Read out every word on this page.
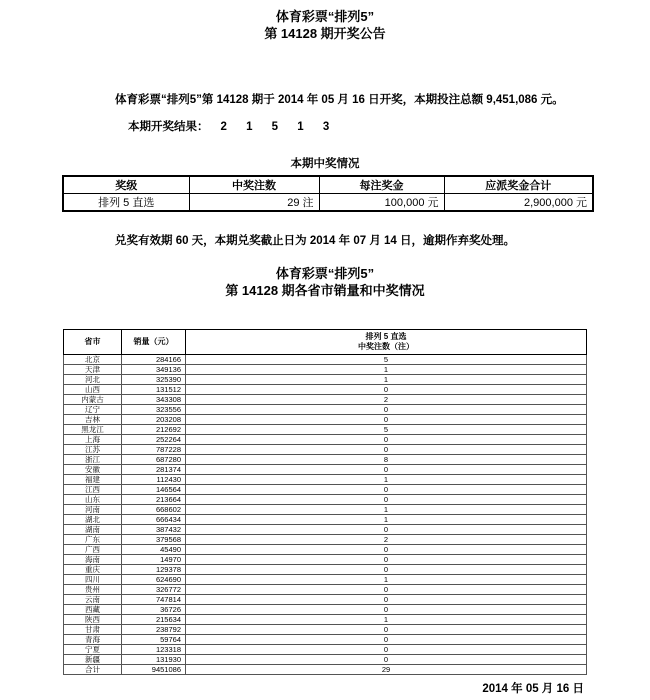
体育彩票“排列5”
第 14128 期开奖公告

体育彩票“排列5”第 14128 期于 2014 年 05 月 16 日开奖，本期投注总额 9,451,086 元。

本期开奖结果： 2 1 5 1 3

本期中奖情况
奖级	中奖注数	每注奖金	应派奖金合计
排列 5 直选	29 注	100,000 元	2,900,000 元

兑奖有效期 60 天，本期兑奖截止日为 2014 年 07 月 14 日，逾期作弃奖处理。

体育彩票“排列5”
第 14128 期各省市销量和中奖情况
省市	销量（元）	排列 5 直选
中奖注数（注）

北京	284166	5
天津	349136	1
河北	325390	1
山西	131512	0
内蒙古	343308	2
辽宁	323556	0
吉林	203208	0
黑龙江	212692	5
上海	252264	0
江苏	787228	0
浙江	687280	8
安徽	281374	0
福建	112430	1
江西	146564	0
山东	213664	0
河南	668602	1
湖北	666434	1
湖南	387432	0
广东	379568	2
广西	45490	0
海南	14970	0
重庆	129378	0
四川	624690	1
贵州	326772	0
云南	747814	0
西藏	36726	0
陕西	215634	1
甘肃	238792	0
青海	59764	0
宁夏	123318	0
新疆	131930	0
合计	9451086	29
2014 年 05 月 16 日
